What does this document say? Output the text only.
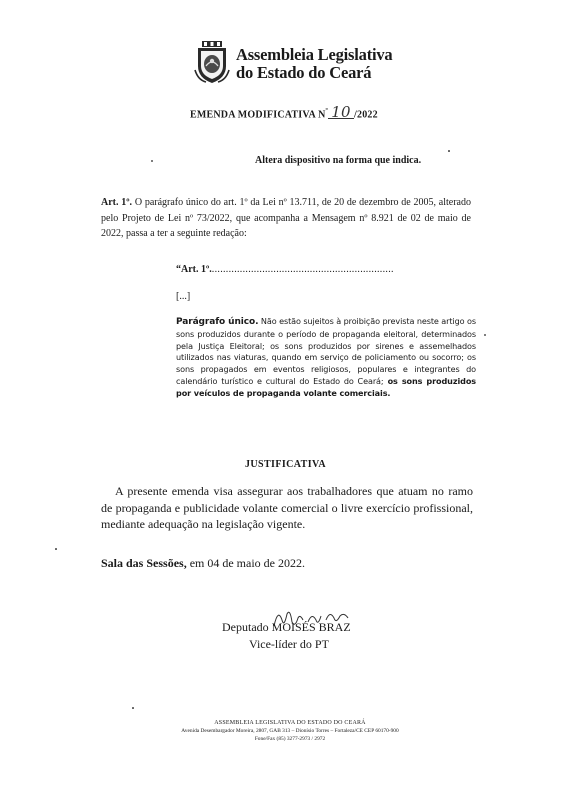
Assembleia Legislativa
do Estado do Ceará
EMENDA MODIFICATIVA $N^º$ 10 /2022
Altera dispositivo na forma que indica.
Art. 1º. O parágrafo único do art. 1º da Lei nº 13.711, de 20 de dezembro de 2005, alterado pelo Projeto de Lei nº 73/2022, que acompanha a Mensagem nº 8.921 de 02 de maio de 2022, passa a ter a seguinte redação:
“Art. 1º..................................................................
[...]
Parágrafo único. Não estão sujeitos à proibição prevista neste artigo os sons produzidos durante o período de propaganda eleitoral, determinados pela Justiça Eleitoral; os sons produzidos por sirenes e assemelhados utilizados nas viaturas, quando em serviço de policiamento ou socorro; os sons propagados em eventos religiosos, populares e integrantes do calendário turístico e cultural do Estado do Ceará; os sons produzidos por veículos de propaganda volante comerciais.
JUSTIFICATIVA
A presente emenda visa assegurar aos trabalhadores que atuam no ramo de propaganda e publicidade volante comercial o livre exercício profissional, mediante adequação na legislação vigente.
Sala das Sessões, em 04 de maio de 2022.
Deputado MOISÉS BRAZ
Vice-líder do PT
ASSEMBLEIA LEGISLATIVA DO ESTADO DO CEARÁ
Avenida Desembargador Moreira, 2807, GAB 313 – Dionísio Torres – Fortaleza/CE CEP 60170-900
Fone/Fax (85) 3277-2973 / 2972
